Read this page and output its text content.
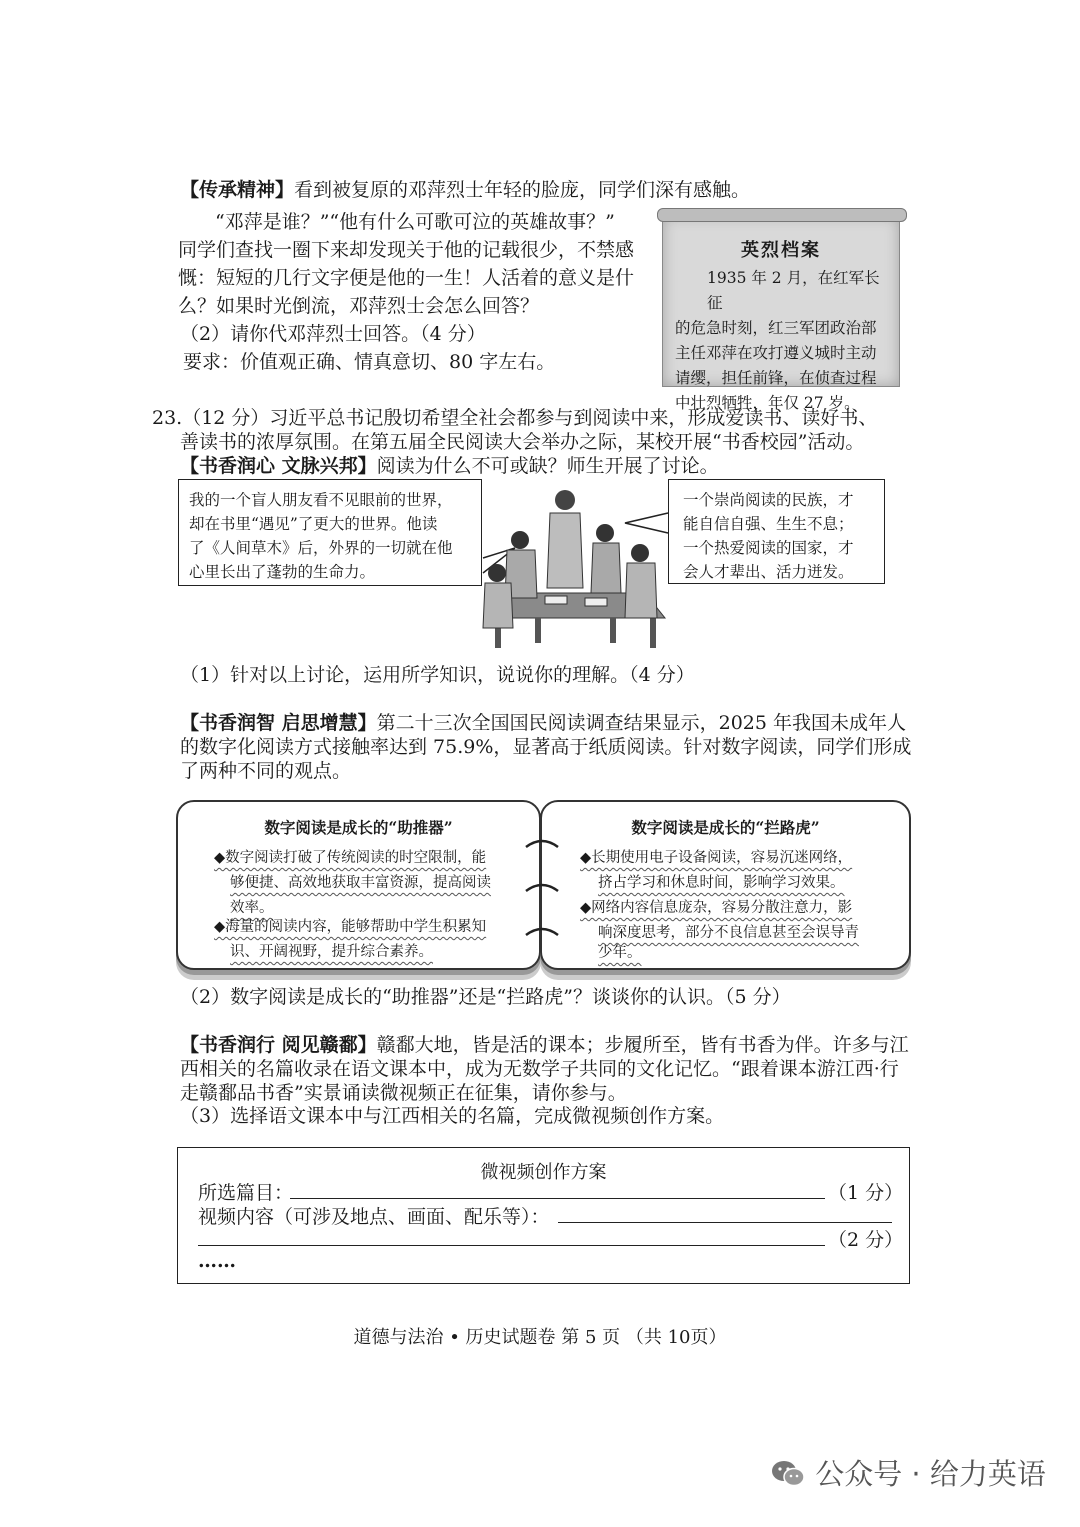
【传承精神】看到被复原的邓萍烈士年轻的脸庞，同学们深有感触。
“邓萍是谁？”“他有什么可歌可泣的英雄故事？”
同学们查找一圈下来却发现关于他的记载很少，不禁感
慨：短短的几行文字便是他的一生！人活着的意义是什
么？如果时光倒流，邓萍烈士会怎么回答？
（2）请你代邓萍烈士回答。（4 分）
要求：价值观正确、情真意切、80 字左右。
英烈档案
1935 年 2 月，在红军长征
的危急时刻，红三军团政治部
主任邓萍在攻打遵义城时主动
请缨，担任前锋，在侦查过程
中壮烈牺牲，年仅 27 岁。
23.（12 分）习近平总书记殷切希望全社会都参与到阅读中来，形成爱读书、读好书、
善读书的浓厚氛围。在第五届全民阅读大会举办之际，某校开展“书香校园”活动。
【书香润心 文脉兴邦】阅读为什么不可或缺？师生开展了讨论。
我的一个盲人朋友看不见眼前的世界，
却在书里“遇见”了更大的世界。他读
了《人间草木》后，外界的一切就在他
心里长出了蓬勃的生命力。
一个崇尚阅读的民族，才
能自信自强、生生不息；
一个热爱阅读的国家，才
会人才辈出、活力迸发。
（1）针对以上讨论，运用所学知识，说说你的理解。（4 分）
【书香润智 启思增慧】第二十三次全国国民阅读调查结果显示，2025 年我国未成年人
的数字化阅读方式接触率达到 75.9%，显著高于纸质阅读。针对数字阅读，同学们形成
了两种不同的观点。
数字阅读是成长的“助推器”
◆数字阅读打破了传统阅读的时空限制，能
够便捷、高效地获取丰富资源，提高阅读
效率。
◆海量的阅读内容，能够帮助中学生积累知
识、开阔视野，提升综合素养。
数字阅读是成长的“拦路虎”
◆长期使用电子设备阅读，容易沉迷网络，
挤占学习和休息时间，影响学习效果。
◆网络内容信息庞杂，容易分散注意力，影
响深度思考，部分不良信息甚至会误导青
少年。
（2）数字阅读是成长的“助推器”还是“拦路虎”？谈谈你的认识。（5 分）
【书香润行 阅见赣鄱】赣鄱大地，皆是活的课本；步履所至，皆有书香为伴。许多与江
西相关的名篇收录在语文课本中，成为无数学子共同的文化记忆。“跟着课本游江西·行
走赣鄱品书香”实景诵读微视频正在征集，请你参与。
（3）选择语文课本中与江西相关的名篇，完成微视频创作方案。
微视频创作方案
所选篇目：	（1 分）
视频内容（可涉及地点、画面、配乐等）：
（2 分）
……
道德与法治 • 历史试题卷 第 5 页 （共 10页）
公众号 · 给力英语
